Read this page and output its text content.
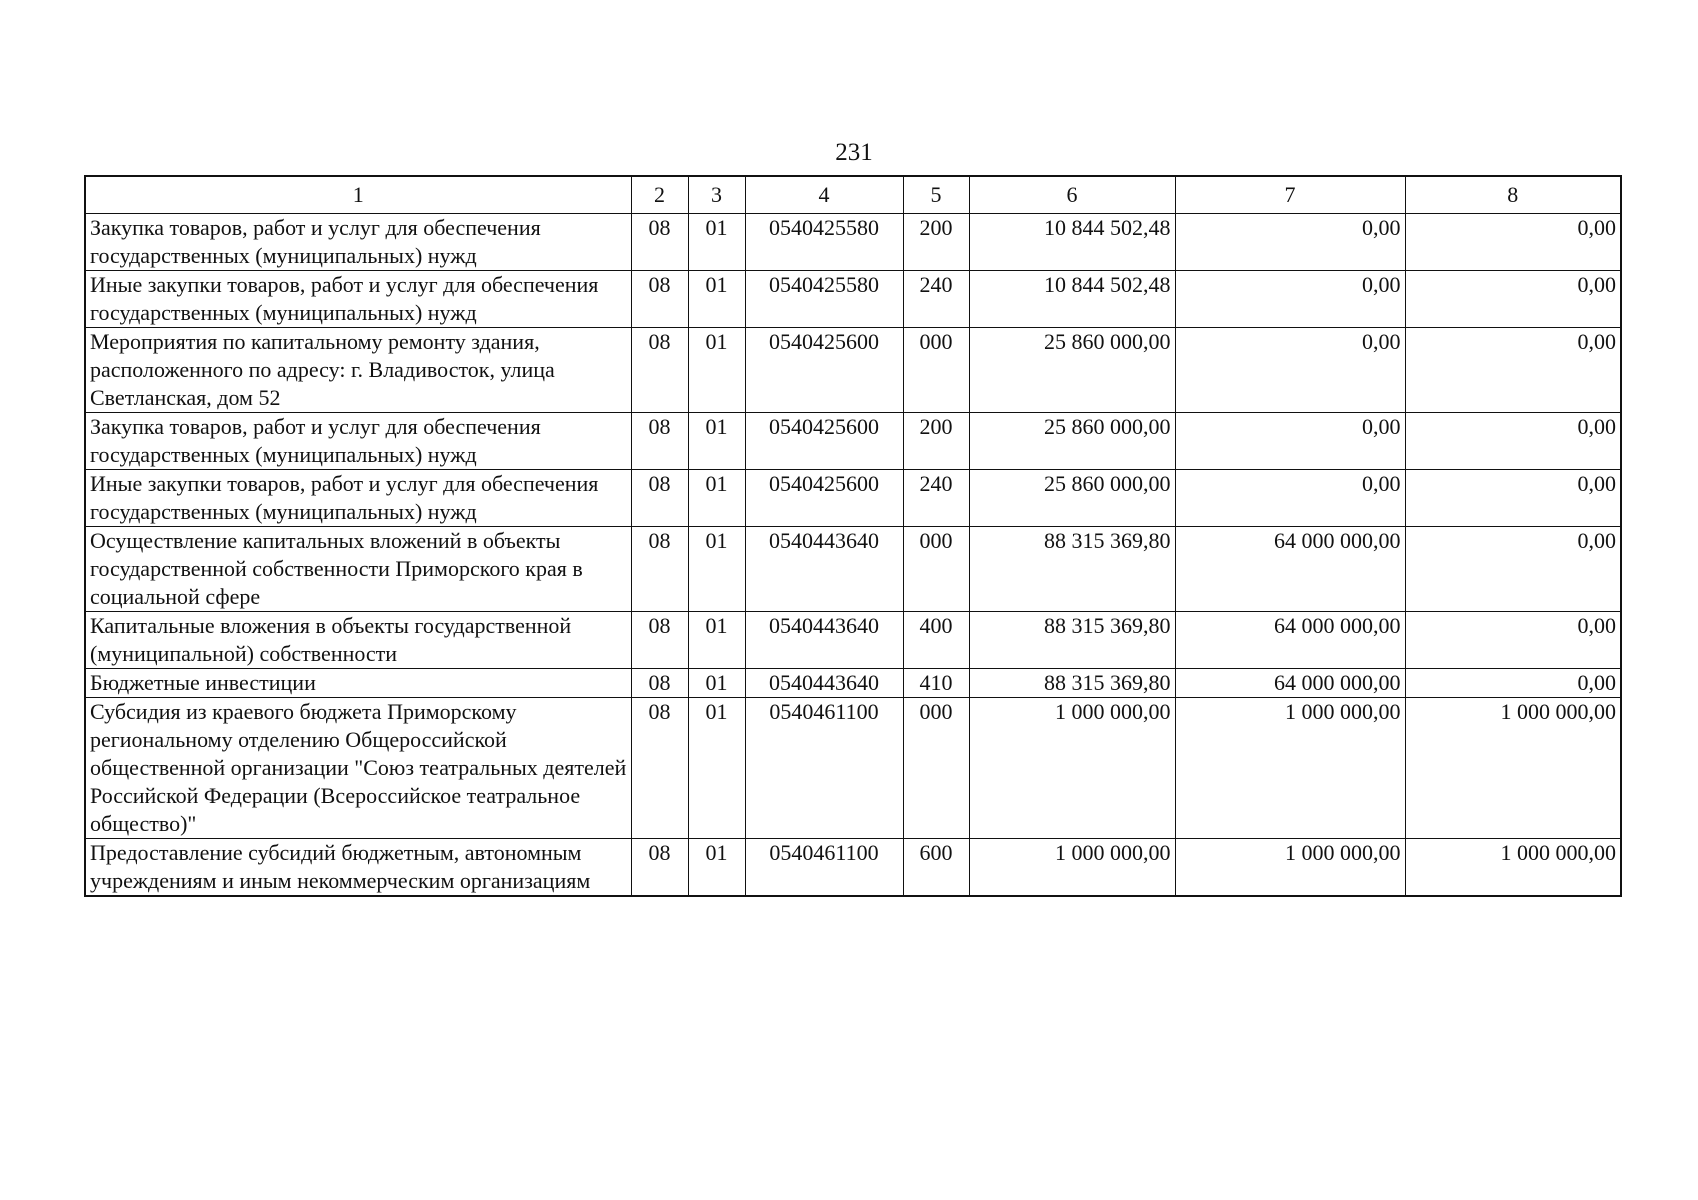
231
1	2	3	4	5	6	7	8
Закупка товаров, работ и услуг для обеспечения государственных (муниципальных) нужд	08	01	0540425580	200	10 844 502,48	0,00	0,00
Иные закупки товаров, работ и услуг для обеспечения государственных (муниципальных) нужд	08	01	0540425580	240	10 844 502,48	0,00	0,00
Мероприятия по капитальному ремонту здания, расположенного по адресу: г. Владивосток, улица Светланская, дом 52	08	01	0540425600	000	25 860 000,00	0,00	0,00
Закупка товаров, работ и услуг для обеспечения государственных (муниципальных) нужд	08	01	0540425600	200	25 860 000,00	0,00	0,00
Иные закупки товаров, работ и услуг для обеспечения государственных (муниципальных) нужд	08	01	0540425600	240	25 860 000,00	0,00	0,00
Осуществление капитальных вложений в объекты государственной собственности Приморского края в социальной сфере	08	01	0540443640	000	88 315 369,80	64 000 000,00	0,00
Капитальные вложения в объекты государственной (муниципальной) собственности	08	01	0540443640	400	88 315 369,80	64 000 000,00	0,00
Бюджетные инвестиции	08	01	0540443640	410	88 315 369,80	64 000 000,00	0,00
Субсидия из краевого бюджета Приморскому региональному отделению Общероссийской общественной организации "Союз театральных деятелей Российской Федерации (Всероссийское театральное общество)"	08	01	0540461100	000	1 000 000,00	1 000 000,00	1 000 000,00
Предоставление субсидий бюджетным, автономным учреждениям и иным некоммерческим организациям	08	01	0540461100	600	1 000 000,00	1 000 000,00	1 000 000,00
